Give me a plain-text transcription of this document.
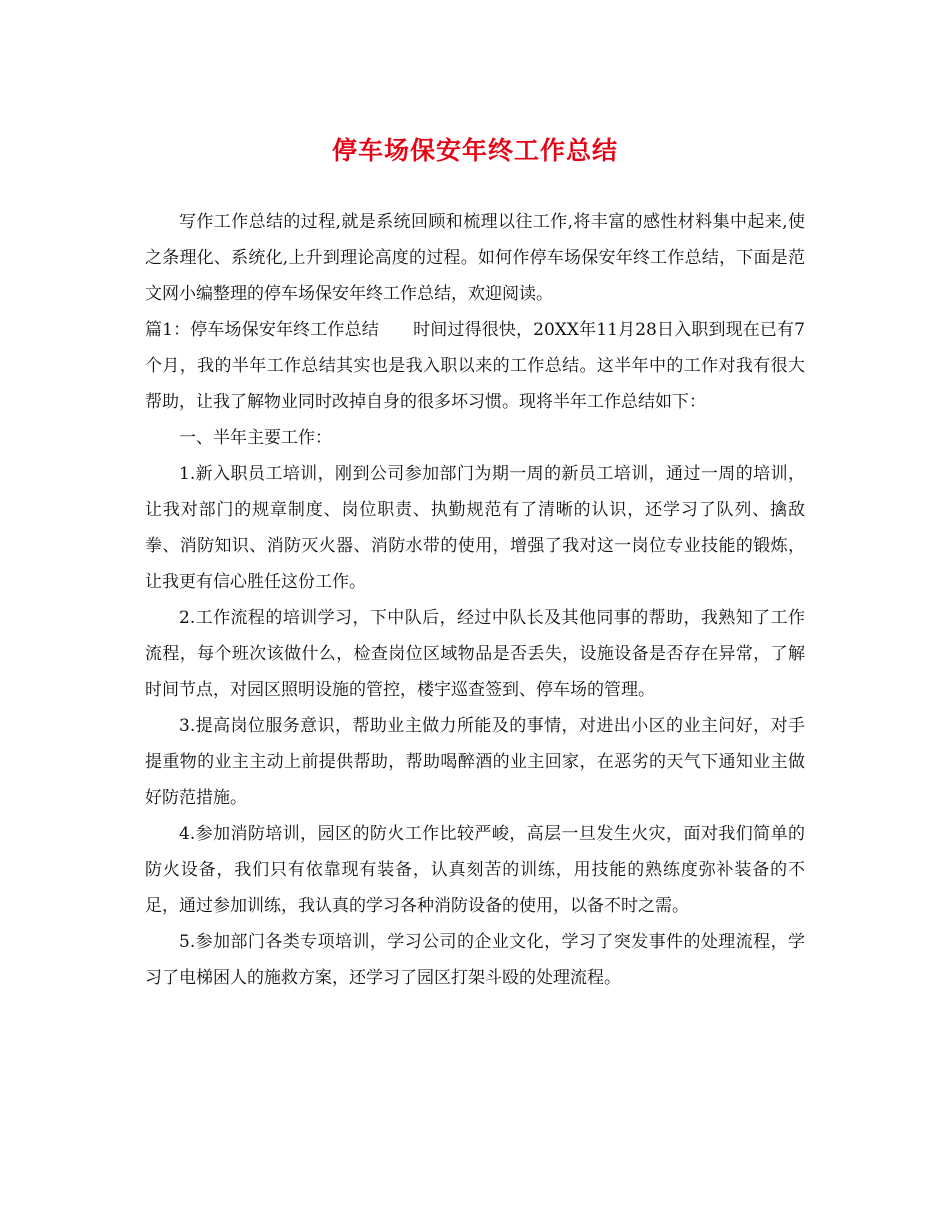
停车场保安年终工作总结

写作工作总结的过程,就是系统回顾和梳理以往工作,将丰富的感性材料集中起来,使之条理化、系统化,上升到理论高度的过程。如何作停车场保安年终工作总结，下面是范文网小编整理的停车场保安年终工作总结，欢迎阅读。

篇1：停车场保安年终工作总结　　时间过得很快，20XX年11月28日入职到现在已有7个月，我的半年工作总结其实也是我入职以来的工作总结。这半年中的工作对我有很大帮助，让我了解物业同时改掉自身的很多坏习惯。现将半年工作总结如下：

一、半年主要工作：

1.新入职员工培训，刚到公司参加部门为期一周的新员工培训，通过一周的培训，让我对部门的规章制度、岗位职责、执勤规范有了清晰的认识，还学习了队列、擒敌拳、消防知识、消防灭火器、消防水带的使用，增强了我对这一岗位专业技能的锻炼，让我更有信心胜任这份工作。

2.工作流程的培训学习，下中队后，经过中队长及其他同事的帮助，我熟知了工作流程，每个班次该做什么，检查岗位区域物品是否丢失，设施设备是否存在异常，了解时间节点，对园区照明设施的管控，楼宇巡查签到、停车场的管理。

3.提高岗位服务意识，帮助业主做力所能及的事情，对进出小区的业主问好，对手提重物的业主主动上前提供帮助，帮助喝醉酒的业主回家，在恶劣的天气下通知业主做好防范措施。

4.参加消防培训，园区的防火工作比较严峻，高层一旦发生火灾，面对我们简单的防火设备，我们只有依靠现有装备，认真刻苦的训练，用技能的熟练度弥补装备的不足，通过参加训练，我认真的学习各种消防设备的使用，以备不时之需。

5.参加部门各类专项培训，学习公司的企业文化，学习了突发事件的处理流程，学习了电梯困人的施救方案，还学习了园区打架斗殴的处理流程。
